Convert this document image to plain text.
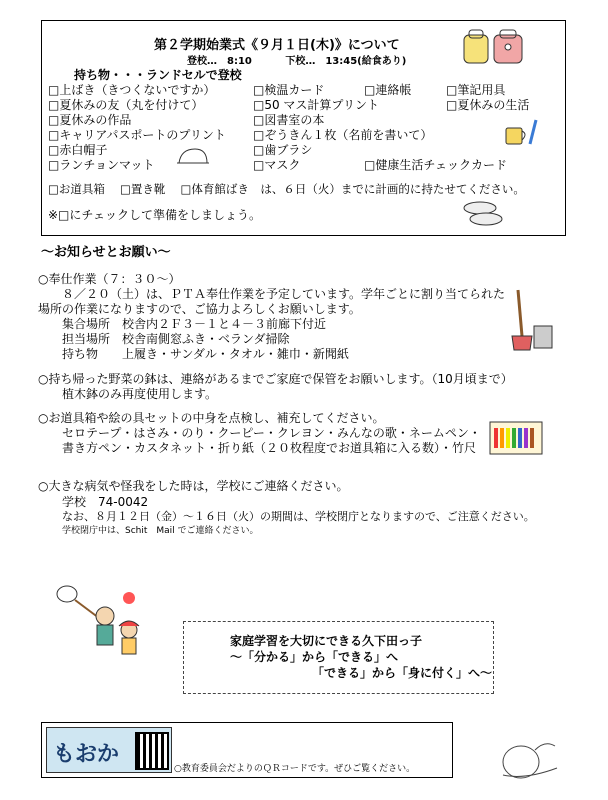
第２学期始業式《９月１日(木)》について
登校…　8:10　　　 下校…　13:45(給食あり)
持ち物・・・ランドセルで登校
□上ばき（きつくないですか）	□検温カード	□連絡帳	□筆記用具
□夏休みの友（丸を付けて）	□50 マス計算プリント	□夏休みの生活
□夏休みの作品	□図書室の本
□キャリアパスポートのプリント □ぞうきん１枚（名前を書いて）
□赤白帽子	□歯ブラシ
□ランチョンマット	□マスク	□健康生活チェックカード
□お道具箱　 □置き靴　 □体育館ばき　は、６日（火）までに計画的に持たせてください。
※□にチェックして準備をしましょう。
～お知らせとお願い～
○奉仕作業（７：３０～）
８／２０（土）は、ＰＴＡ奉仕作業を予定しています。学年ごとに割り当てられた
場所の作業になりますので、ご協力よろしくお願いします。
集合場所　校舎内２Ｆ３－１と４－３前廊下付近
担当場所　校舎南側窓ふき・ベランダ掃除
持ち物　　上履き・サンダル・タオル・雑巾・新聞紙
○持ち帰った野菜の鉢は、連絡があるまでご家庭で保管をお願いします。（10月頃まで）
植木鉢のみ再度使用します。
○お道具箱や絵の具セットの中身を点検し、補充してください。
セロテープ・はさみ・のり・クーピー・クレヨン・みんなの歌・ネームペン・
書き方ペン・カスタネット・折り紙（２０枚程度でお道具箱に入る数）・竹尺
○大きな病気や怪我をした時は，学校にご連絡ください。
学校　74-0042
なお、８月１２日（金）～１６日（火）の期間は、学校閉庁となりますので、ご注意ください。
学校閉庁中は、Schit　Mail でご連絡ください。
家庭学習を大切にできる久下田っ子
～「分かる」から「できる」へ
「できる」から「身に付く」へ～
もおか
○教育委員会だよりのＱＲコードです。ぜひご覧ください。
